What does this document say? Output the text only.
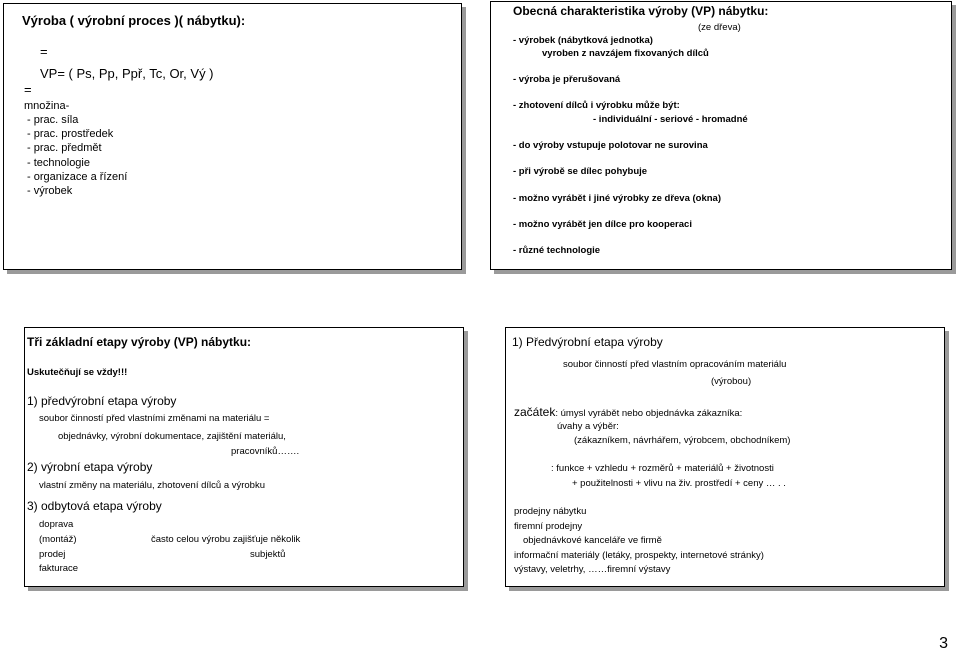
Výroba ( výrobní proces )( nábytku):
=
VP= ( Ps, Pp, Ppř, Tc, Or, Vý )
=
množina-
- prac. síla
- prac. prostředek
- prac. předmět
- technologie
- organizace a řízení
- výrobek
Obecná charakteristika výroby (VP) nábytku:
(ze dřeva)
- výrobek (nábytková jednotka)
vyroben z navzájem fixovaných dílců
- výroba je přerušovaná
- zhotovení dílců i výrobku může být:
- individuální - seriové - hromadné
- do výroby vstupuje polotovar ne surovina
- při výrobě se dílec pohybuje
- možno vyrábět i jiné výrobky ze dřeva (okna)
- možno vyrábět jen dílce pro kooperaci
- různé technologie
Tři základní etapy výroby (VP) nábytku:
Uskutečňují se vždy!!!
1) předvýrobní etapa výroby
soubor činností před vlastními změnami na materiálu =
objednávky, výrobní dokumentace, zajištění materiálu,
pracovníků…….
2) výrobní etapa výroby
vlastní změny na materiálu, zhotovení dílců a výrobku
3) odbytová etapa výroby
doprava
(montáž)
prodej
fakturace
často celou výrobu zajišťuje několik
subjektů
1) Předvýrobní etapa výroby
soubor činností před vlastním opracováním materiálu
(výrobou)
začátek: úmysl vyrábět nebo objednávka zákazníka:
úvahy a výběr:
(zákazníkem, návrhářem, výrobcem, obchodníkem)
: funkce + vzhledu + rozměrů + materiálů + životnosti
+ použitelnosti + vlivu na živ. prostředí + ceny … . .
prodejny nábytku
firemní prodejny
objednávkové kanceláře ve firmě
informační materiály (letáky, prospekty, internetové stránky)
výstavy, veletrhy, ……firemní výstavy
3
